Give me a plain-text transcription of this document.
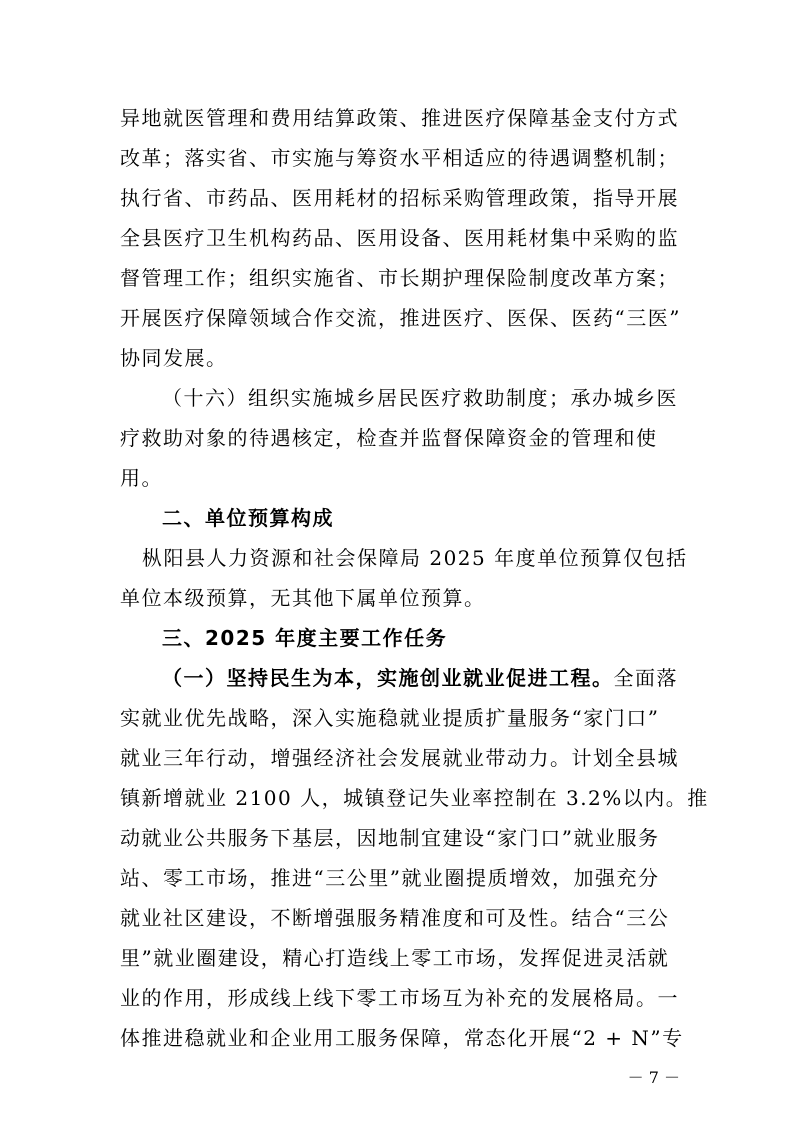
异地就医管理和费用结算政策、推进医疗保障基金支付方式
改革；落实省、市实施与筹资水平相适应的待遇调整机制；
执行省、市药品、医用耗材的招标采购管理政策，指导开展
全县医疗卫生机构药品、医用设备、医用耗材集中采购的监
督管理工作；组织实施省、市长期护理保险制度改革方案；
开展医疗保障领域合作交流，推进医疗、医保、医药“三医”
协同发展。
（十六）组织实施城乡居民医疗救助制度；承办城乡医
疗救助对象的待遇核定，检查并监督保障资金的管理和使
用。
二、单位预算构成
枞阳县人力资源和社会保障局 2025 年度单位预算仅包括
单位本级预算，无其他下属单位预算。
三、2025 年度主要工作任务
（一）坚持民生为本，实施创业就业促进工程。全面落
实就业优先战略，深入实施稳就业提质扩量服务“家门口”
就业三年行动，增强经济社会发展就业带动力。计划全县城
镇新增就业 2100 人，城镇登记失业率控制在 3.2%以内。推
动就业公共服务下基层，因地制宜建设“家门口”就业服务
站、零工市场，推进“三公里”就业圈提质增效，加强充分
就业社区建设，不断增强服务精准度和可及性。结合“三公
里”就业圈建设，精心打造线上零工市场，发挥促进灵活就
业的作用，形成线上线下零工市场互为补充的发展格局。一
体推进稳就业和企业用工服务保障，常态化开展“2 + N”专
－ 7 －
